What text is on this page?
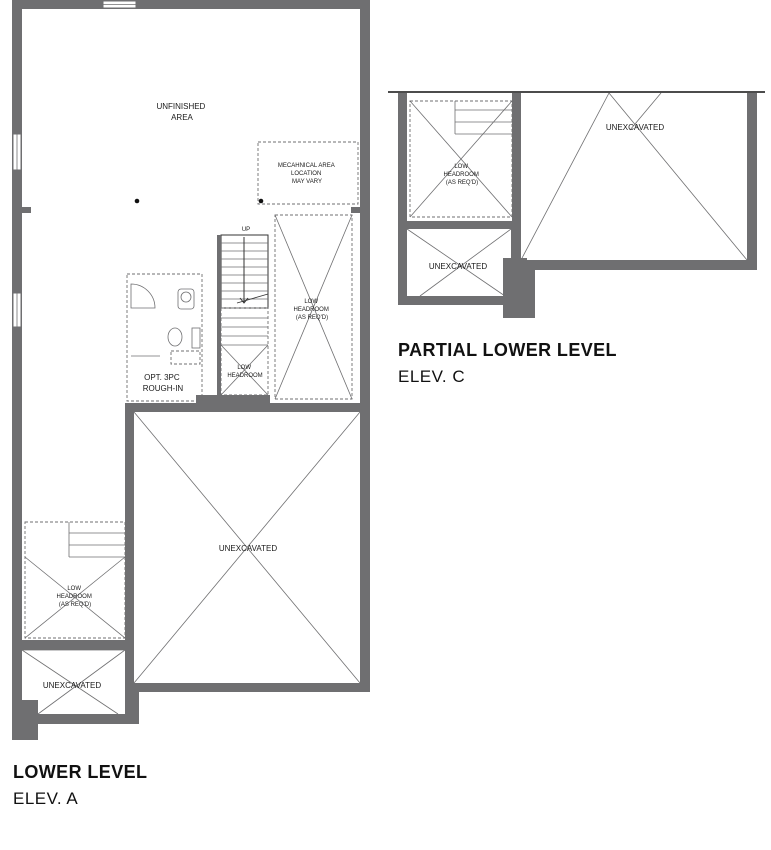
UNFINISHED AREA
MECAHNICAL AREA LOCATION MAY VARY
UP
LOW HEADROOM
LOW HEADROOM (AS REQ'D)
OPT. 3PC ROUGH-IN
UNEXCAVATED
LOW HEADROOM (AS REQ'D)
UNEXCAVATED
UNEXCAVATED
LOW HEADROOM (AS REQ'D)
UNEXCAVATED
LOWER LEVEL
ELEV. A
PARTIAL LOWER LEVEL
ELEV. C
